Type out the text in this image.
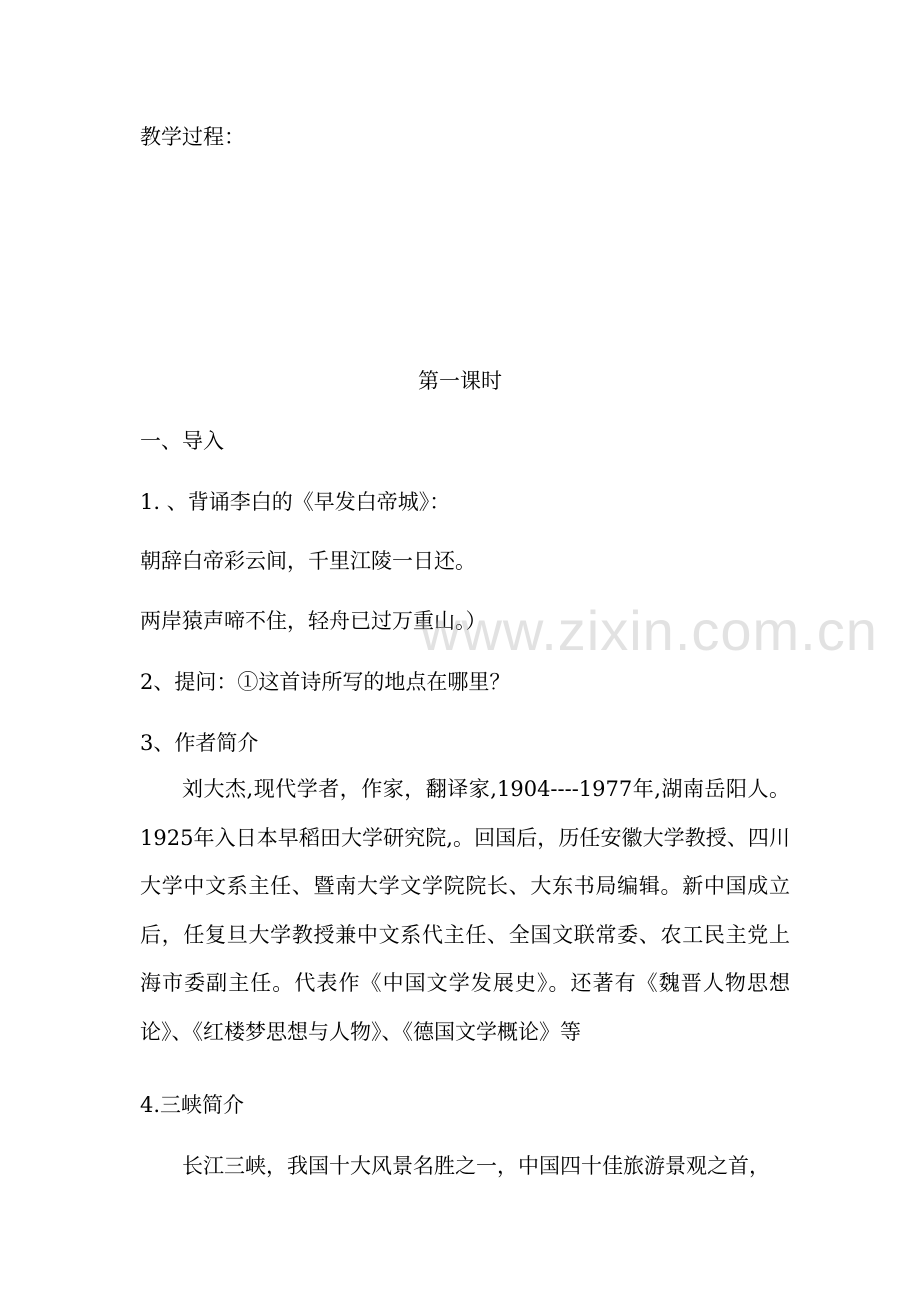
教学过程：
第一课时
一、导入
1. 、背诵李白的《早发白帝城》：
朝辞白帝彩云间，千里江陵一日还。
两岸猿声啼不住，轻舟已过万重山。）
2、提问：①这首诗所写的地点在哪里？
3、作者简介
刘大杰,现代学者，作家，翻译家,1904----1977年,湖南岳阳人。1925年入日本早稻田大学研究院,。回国后，历任安徽大学教授、四川大学中文系主任、暨南大学文学院院长、大东书局编辑。新中国成立后，任复旦大学教授兼中文系代主任、全国文联常委、农工民主党上海市委副主任。代表作《中国文学发展史》。还著有《魏晋人物思想论》、《红楼梦思想与人物》、《德国文学概论》等
4.三峡简介
长江三峡，我国十大风景名胜之一，中国四十佳旅游景观之首，
www.zixin.com.cn
